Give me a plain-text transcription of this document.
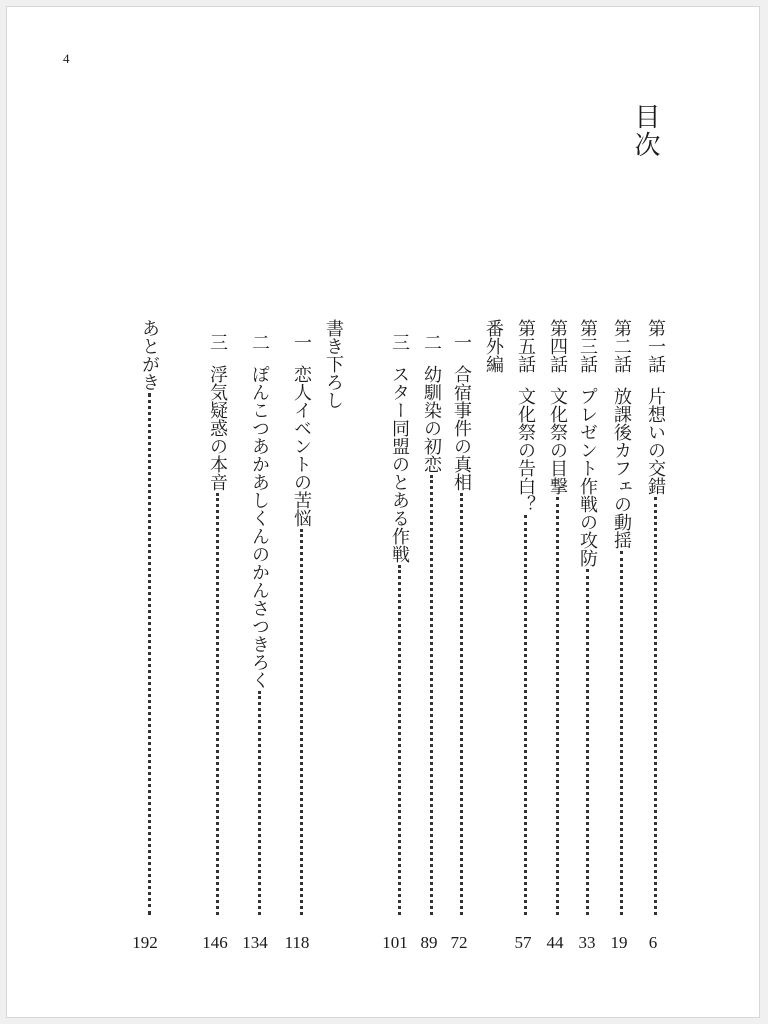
4
目次
第一話
片想いの交錯
第二話
放課後カフェの動揺
第三話
プレゼント作戦の攻防
第四話
文化祭の目撃
第五話
文化祭の告白？
番外編
一
合宿事件の真相
二
幼馴染の初恋
三
スター同盟のとある作戦
書き下ろし
一
恋人イベントの苦悩
二
ぽんこつあかあしくんのかんさつきろく
三
浮気疑惑の本音
あとがき
6
19
33
44
57
72
89
101
118
134
146
192
